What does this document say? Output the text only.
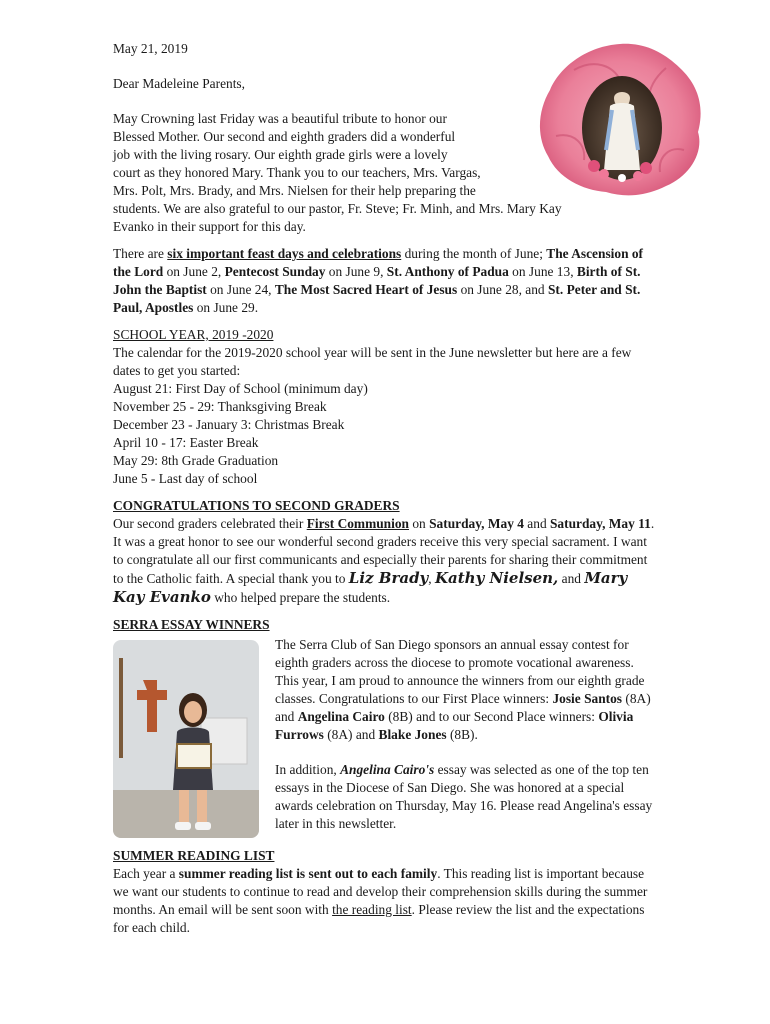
May 21, 2019

Dear Madeleine Parents,

May Crowning last Friday was a beautiful tribute to honor our

Blessed Mother. Our second and eighth graders did a wonderful

job with the living rosary. Our eighth grade girls were a lovely

court as they honored Mary. Thank you to our teachers, Mrs. Vargas,

Mrs. Polt, Mrs. Brady, and Mrs. Nielsen for their help preparing the

students. We are also grateful to our pastor, Fr. Steve; Fr. Minh, and Mrs. Mary Kay

Evanko in their support for this day.

There are six important feast days and celebrations during the month of June; The Ascension of the Lord on June 2, Pentecost Sunday on June 9, St. Anthony of Padua on June 13, Birth of St. John the Baptist on June 24, The Most Sacred Heart of Jesus on June 28, and St. Peter and St. Paul, Apostles on June 29.

SCHOOL YEAR, 2019 -2020

The calendar for the 2019-2020 school year will be sent in the June newsletter but here are a few dates to get you started:

August 21: First Day of School (minimum day)

November 25 - 29: Thanksgiving Break

December 23 - January 3: Christmas Break

April 10 - 17: Easter Break

May 29: 8th Grade Graduation

June 5 - Last day of school

CONGRATULATIONS TO SECOND GRADERS

Our second graders celebrated their First Communion on Saturday, May 4 and Saturday, May 11. It was a great honor to see our wonderful second graders receive this very special sacrament. I want to congratulate all our first communicants and especially their parents for sharing their commitment to the Catholic faith. A special thank you to Liz Brady, Kathy Nielsen, and Mary Kay Evanko who helped prepare the students.

SERRA ESSAY WINNERS

The Serra Club of San Diego sponsors an annual essay contest for eighth graders across the diocese to promote vocational awareness. This year, I am proud to announce the winners from our eighth grade classes. Congratulations to our First Place winners: Josie Santos (8A) and Angelina Cairo (8B) and to our Second Place winners: Olivia Furrows (8A) and Blake Jones (8B).

In addition, Angelina Cairo's essay was selected as one of the top ten essays in the Diocese of San Diego. She was honored at a special awards celebration on Thursday, May 16. Please read Angelina's essay later in this newsletter.

SUMMER READING LIST

Each year a summer reading list is sent out to each family. This reading list is important because we want our students to continue to read and develop their comprehension skills during the summer months. An email will be sent soon with the reading list. Please review the list and the expectations for each child.
